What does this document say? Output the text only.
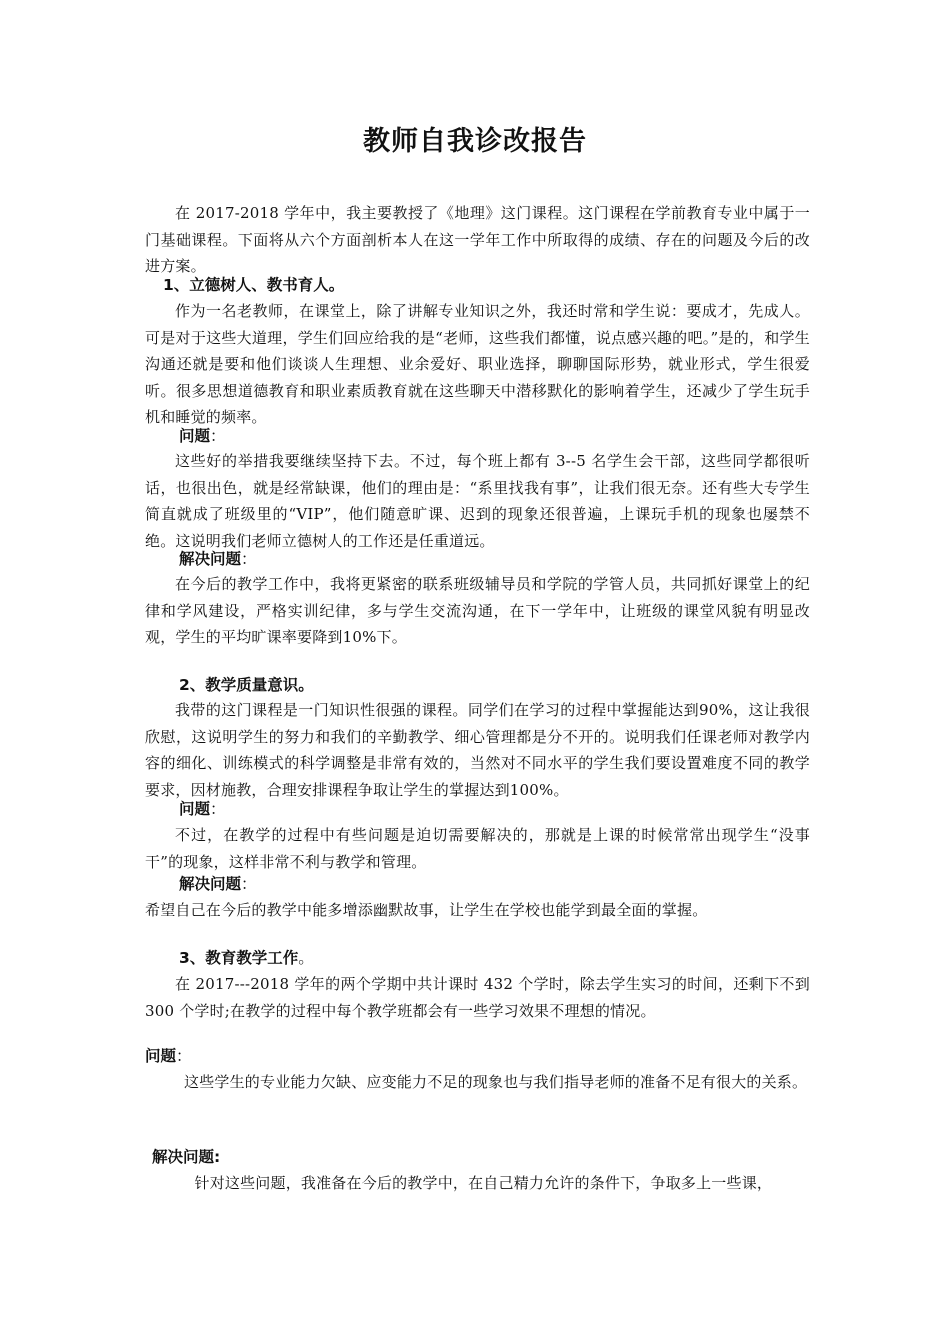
教师自我诊改报告
在 2017-2018 学年中，我主要教授了《地理》这门课程。这门课程在学前教育专业中属于一门基础课程。下面将从六个方面剖析本人在这一学年工作中所取得的成绩、存在的问题及今后的改进方案。
1、立德树人、教书育人。
作为一名老教师，在课堂上，除了讲解专业知识之外，我还时常和学生说：要成才，先成人。可是对于这些大道理，学生们回应给我的是“老师，这些我们都懂，说点感兴趣的吧。”是的，和学生沟通还就是要和他们谈谈人生理想、业余爱好、职业选择，聊聊国际形势，就业形式，学生很爱听。很多思想道德教育和职业素质教育就在这些聊天中潜移默化的影响着学生，还减少了学生玩手机和睡觉的频率。
问题：
这些好的举措我要继续坚持下去。不过，每个班上都有 3--5 名学生会干部，这些同学都很听话，也很出色，就是经常缺课，他们的理由是：“系里找我有事”，让我们很无奈。还有些大专学生简直就成了班级里的“VIP”，他们随意旷课、迟到的现象还很普遍，上课玩手机的现象也屡禁不绝。这说明我们老师立德树人的工作还是任重道远。
解决问题：
在今后的教学工作中，我将更紧密的联系班级辅导员和学院的学管人员，共同抓好课堂上的纪律和学风建设，严格实训纪律，多与学生交流沟通，在下一学年中，让班级的课堂风貌有明显改观，学生的平均旷课率要降到10%下。
2、教学质量意识。
我带的这门课程是一门知识性很强的课程。同学们在学习的过程中掌握能达到90%，这让我很欣慰，这说明学生的努力和我们的辛勤教学、细心管理都是分不开的。说明我们任课老师对教学内容的细化、训练模式的科学调整是非常有效的，当然对不同水平的学生我们要设置难度不同的教学要求，因材施教，合理安排课程争取让学生的掌握达到100%。
问题：
不过，在教学的过程中有些问题是迫切需要解决的，那就是上课的时候常常出现学生“没事干”的现象，这样非常不利与教学和管理。
解决问题：
希望自己在今后的教学中能多增添幽默故事，让学生在学校也能学到最全面的掌握。
3、教育教学工作。
在 2017---2018 学年的两个学期中共计课时 432 个学时，除去学生实习的时间，还剩下不到 300 个学时;在教学的过程中每个教学班都会有一些学习效果不理想的情况。
问题：
这些学生的专业能力欠缺、应变能力不足的现象也与我们指导老师的准备不足有很大的关系。
解决问题:
针对这些问题，我准备在今后的教学中，在自己精力允许的条件下，争取多上一些课，
